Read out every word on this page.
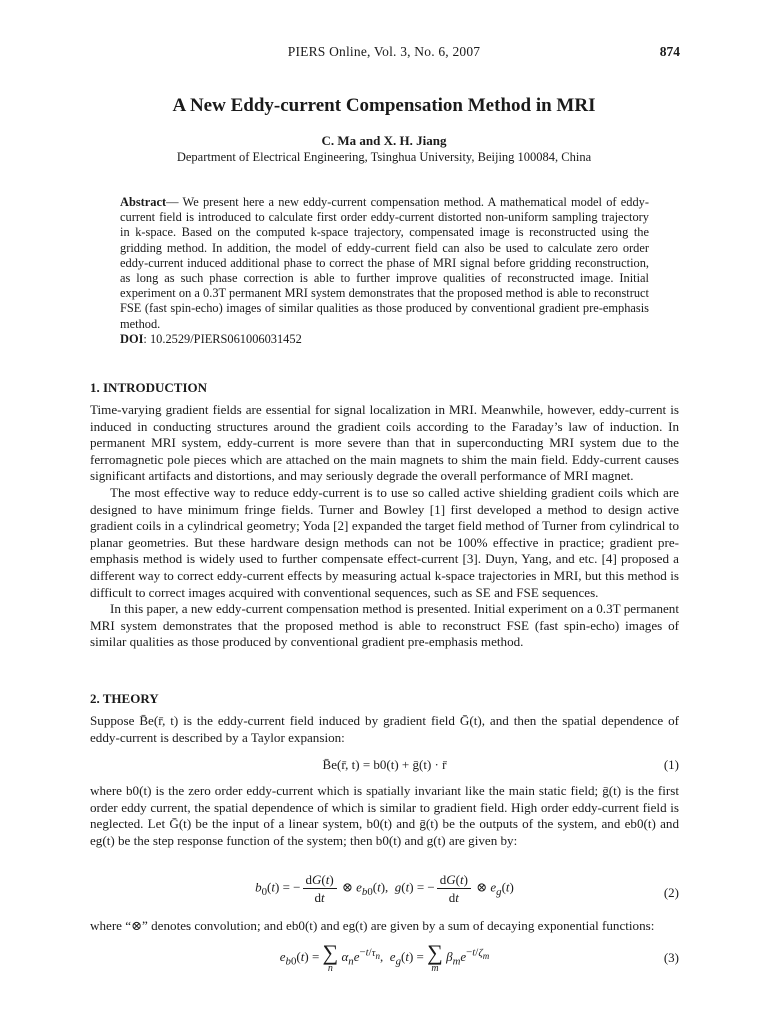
PIERS Online, Vol. 3, No. 6, 2007	874
A New Eddy-current Compensation Method in MRI
C. Ma and X. H. Jiang
Department of Electrical Engineering, Tsinghua University, Beijing 100084, China
Abstract— We present here a new eddy-current compensation method. A mathematical model of eddy-current field is introduced to calculate first order eddy-current distorted non-uniform sampling trajectory in k-space. Based on the computed k-space trajectory, compensated image is reconstructed using the gridding method. In addition, the model of eddy-current field can also be used to calculate zero order eddy-current induced additional phase to correct the phase of MRI signal before gridding reconstruction, as long as such phase correction is able to further improve qualities of reconstructed image. Initial experiment on a 0.3T permanent MRI system demonstrates that the proposed method is able to reconstruct FSE (fast spin-echo) images of similar qualities as those produced by conventional gradient pre-emphasis method.
DOI: 10.2529/PIERS061006031452
1. INTRODUCTION

Time-varying gradient fields are essential for signal localization in MRI. Meanwhile, however, eddy-current is induced in conducting structures around the gradient coils according to the Faraday’s law of induction. In permanent MRI system, eddy-current is more severe than that in superconducting MRI system due to the ferromagnetic pole pieces which are attached on the main magnets to shim the main field. Eddy-current causes significant artifacts and distortions, and may seriously degrade the overall performance of MRI magnet.

The most effective way to reduce eddy-current is to use so called active shielding gradient coils which are designed to have minimum fringe fields. Turner and Bowley [1] first developed a method to design active gradient coils in a cylindrical geometry; Yoda [2] expanded the target field method of Turner from cylindrical to planar geometries. But these hardware design methods can not be 100% effective in practice; gradient pre-emphasis method is widely used to further compensate effect-current [3]. Duyn, Yang, and etc. [4] proposed a different way to correct eddy-current effects by measuring actual k-space trajectories in MRI, but this method is difficult to correct images acquired with conventional sequences, such as SE and FSE sequences.

In this paper, a new eddy-current compensation method is presented. Initial experiment on a 0.3T permanent MRI system demonstrates that the proposed method is able to reconstruct FSE (fast spin-echo) images of similar qualities as those produced by conventional gradient pre-emphasis method.

2. THEORY
Suppose B̄e(r̄, t) is the eddy-current field induced by gradient field Ḡ(t), and then the spatial dependence of eddy-current is described by a Taylor expansion:
B̄e(r̄, t) = b0(t) + ḡ(t) · r̄	(1)
where b0(t) is the zero order eddy-current which is spatially invariant like the main static field; ḡ(t) is the first order eddy current, the spatial dependence of which is similar to gradient field. High order eddy-current field is neglected. Let Ḡ(t) be the input of a linear system, b0(t) and ḡ(t) be the outputs of the system, and eb0(t) and eg(t) be the step response function of the system; then b0(t) and g(t) are given by:
$b_0(t)$ = − $\frac{dG(t)}{dt}$ ⊗ $e_{b0}(t)$,  g(t) = − $\frac{dG(t)}{dt}$ ⊗ $e_g(t)$	(2)
where “⊗” denotes convolution; and eb0(t) and eg(t) are given by a sum of decaying exponential functions:
$e_{b0}(t)$ = ∑
n
$\alpha_ne^{-t/\tau_n}$,  $e_g(t)$ = ∑
m
$\beta_me^{-t/\zeta_m}$	(3)
